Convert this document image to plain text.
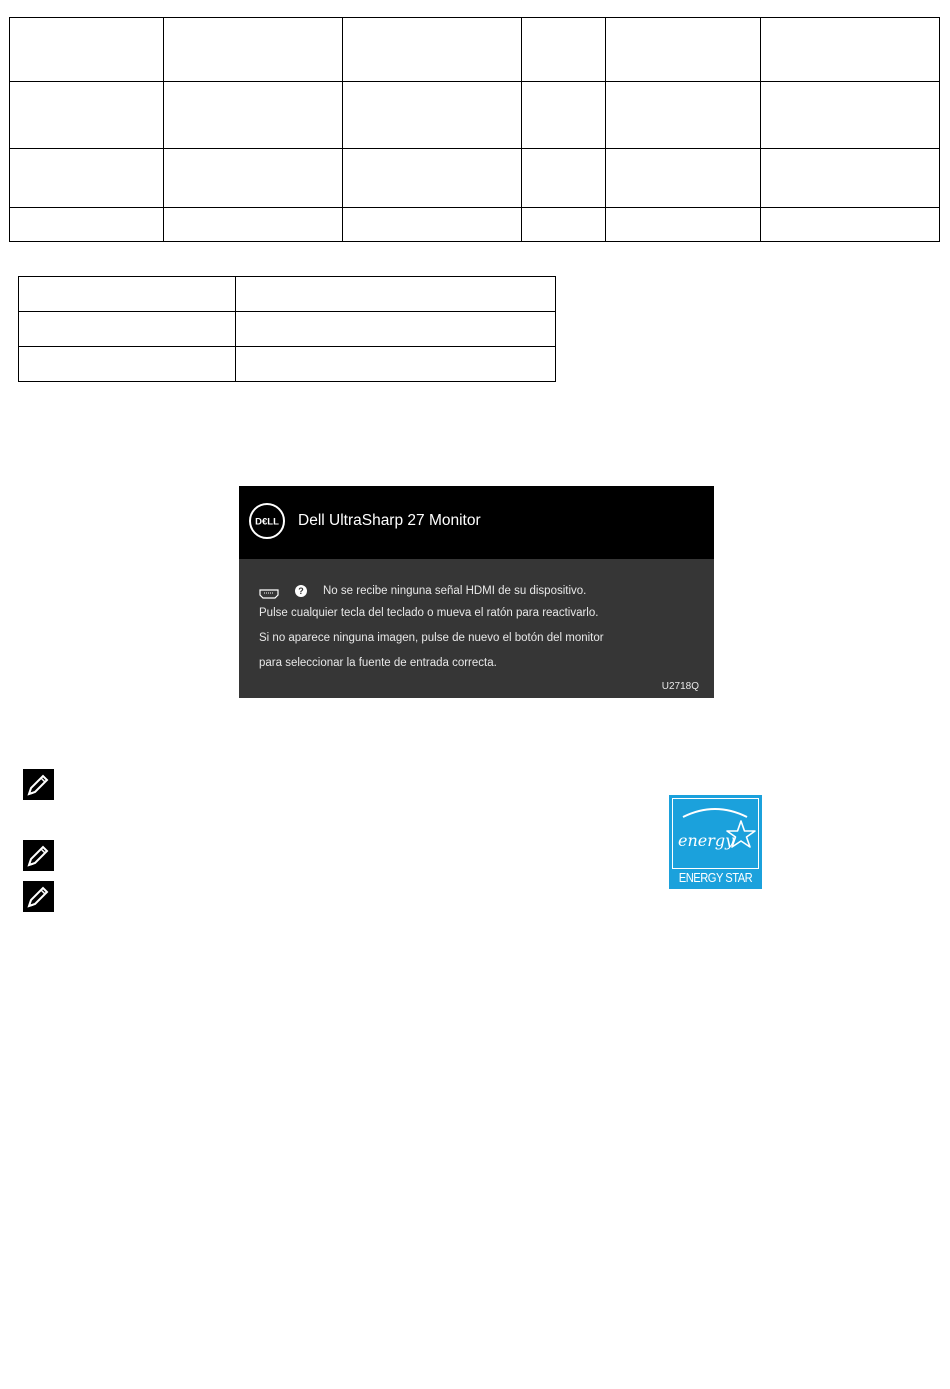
D€LL Dell UltraSharp 27 Monitor
? No se recibe ninguna señal HDMI de su dispositivo.
Pulse cualquier tecla del teclado o mueva el ratón para reactivarlo.
Si no aparece ninguna imagen, pulse de nuevo el botón del monitor
para seleccionar la fuente de entrada correcta.
U2718Q
energy
ENERGY STAR
